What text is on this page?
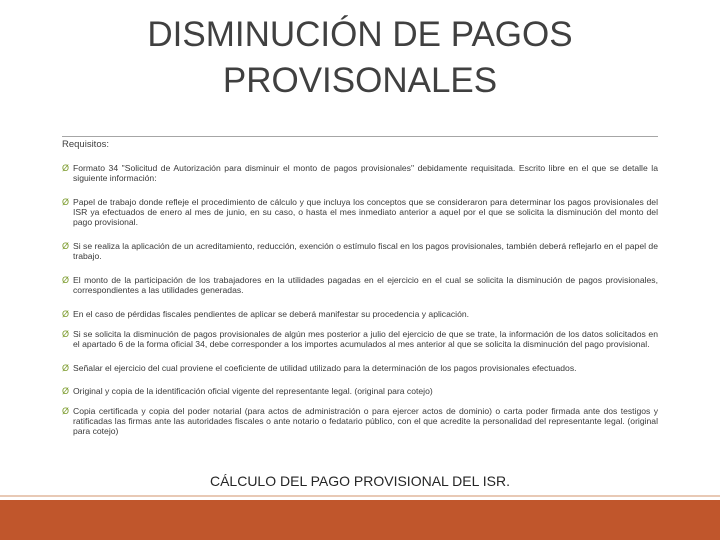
DISMINUCIÓN DE PAGOS
PROVISONALES
Requisitos:
Ø Formato 34 "Solicitud de Autorización para disminuir el monto de pagos provisionales" debidamente requisitada. Escrito libre en el que se detalle la siguiente información:
Ø Papel de trabajo donde refleje el procedimiento de cálculo y que incluya los conceptos que se consideraron para determinar los pagos provisionales del ISR ya efectuados de enero al mes de junio, en su caso, o hasta el mes inmediato anterior a aquel por el que se solicita la disminución del monto del pago provisional.
Ø Si se realiza la aplicación de un acreditamiento, reducción, exención o estímulo fiscal en los pagos provisionales, también deberá reflejarlo en el papel de trabajo.
Ø El monto de la participación de los trabajadores en la utilidades pagadas en el ejercicio en el cual se solicita la disminución de pagos provisionales, correspondientes a las utilidades generadas.
Ø En el caso de pérdidas fiscales pendientes de aplicar se deberá manifestar su procedencia y aplicación.
Ø Si se solicita la disminución de pagos provisionales de algún mes posterior a julio del ejercicio de que se trate, la información de los datos solicitados en el apartado 6 de la forma oficial 34, debe corresponder a los importes acumulados al mes anterior al que se solicita la disminución del pago provisional.
Ø Señalar el ejercicio del cual proviene el coeficiente de utilidad utilizado para la determinación de los pagos provisionales efectuados.
Ø Original y copia de la identificación oficial vigente del representante legal. (original para cotejo)
Ø Copia certificada y copia del poder notarial (para actos de administración o para ejercer actos de dominio) o carta poder firmada ante dos testigos y ratificadas las firmas ante las autoridades fiscales o ante notario o fedatario público, con el que acredite la personalidad del representante legal. (original para cotejo)
CÁLCULO DEL PAGO PROVISIONAL DEL ISR.
